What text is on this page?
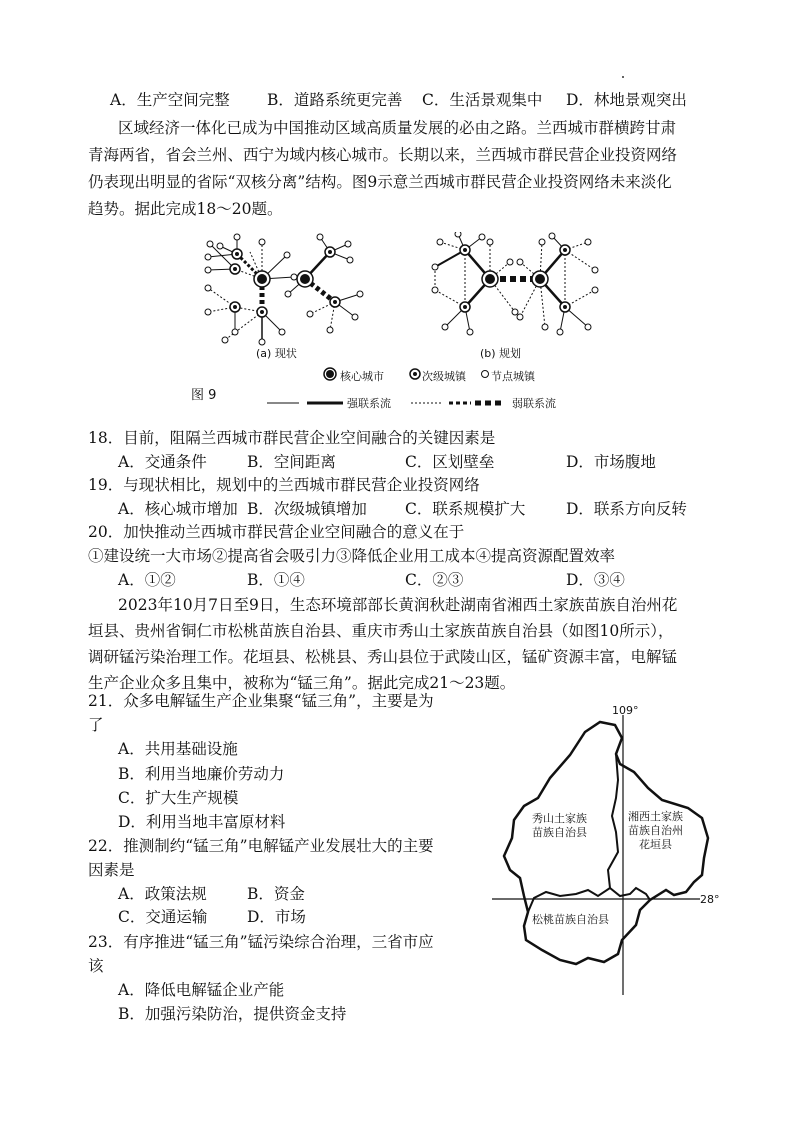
A．生产空间完整 B．道路系统更完善 C．生活景观集中 D．林地景观突出
区域经济一体化已成为中国推动区域高质量发展的必由之路。兰西城市群横跨甘肃
青海两省，省会兰州、西宁为域内核心城市。长期以来，兰西城市群民营企业投资网络
仍表现出明显的省际“双核分离”结构。图9示意兰西城市群民营企业投资网络未来淡化
趋势。据此完成18～20题。
(a) 现状	(b) 规划
核心城市	次级城镇 节点城镇
图 9
强联系流	弱联系流
18．目前，阻隔兰西城市群民营企业空间融合的关键因素是
A．交通条件	B．空间距离	C．区划壁垒	D．市场腹地
19．与现状相比，规划中的兰西城市群民营企业投资网络
A．核心城市增加 B．次级城镇增加 C．联系规模扩大	D．联系方向反转
20．加快推动兰西城市群民营企业空间融合的意义在于
①建设统一大市场②提高省会吸引力③降低企业用工成本④提高资源配置效率
A．①②	B．①④	C．②③	D．③④
2023年10月7日至9日，生态环境部部长黄润秋赴湖南省湘西土家族苗族自治州花
垣县、贵州省铜仁市松桃苗族自治县、重庆市秀山土家族苗族自治县（如图10所示），
调研锰污染治理工作。花垣县、松桃县、秀山县位于武陵山区，锰矿资源丰富，电解锰
生产企业众多且集中，被称为“锰三角”。据此完成21～23题。
21．众多电解锰生产企业集聚“锰三角”，主要是为
了
A．共用基础设施
B．利用当地廉价劳动力
C．扩大生产规模
D．利用当地丰富原材料
22．推测制约“锰三角”电解锰产业发展壮大的主要
因素是
A．政策法规	B．资金
C．交通运输	D．市场
23．有序推进“锰三角”锰污染综合治理，三省市应
该
A．降低电解锰企业产能
B．加强污染防治，提供资金支持
109°
28°
秀山土家族
苗族自治县
湘西土家族
苗族自治州
花垣县
松桃苗族自治县
